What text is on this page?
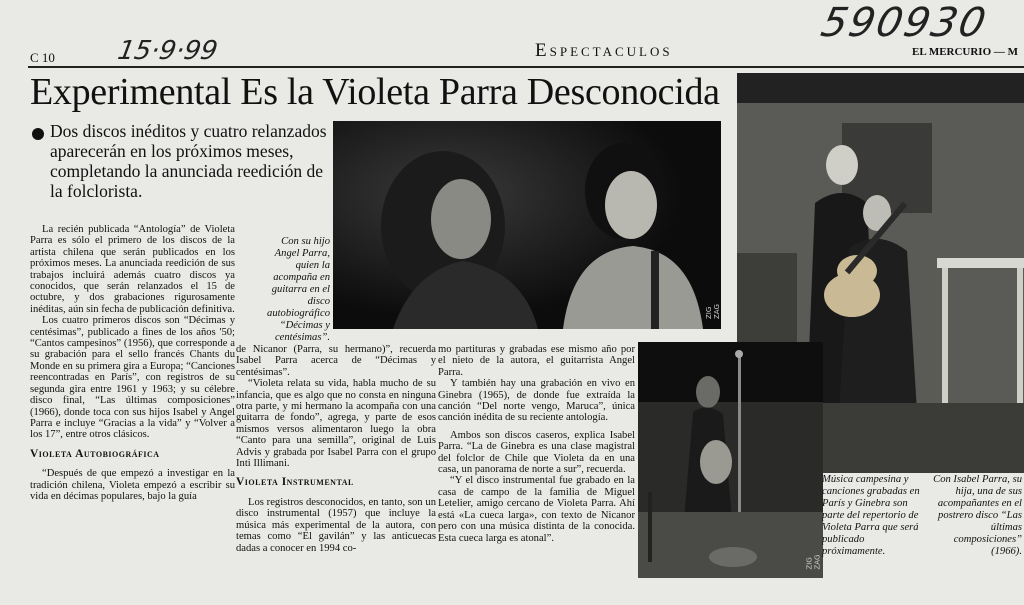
590930
15·9·99
C 10	Espectaculos	EL MERCURIO — M
Experimental Es la Violeta Parra Desconocida
Dos discos inéditos y cuatro relanzados aparecerán en los próximos meses, completando la anunciada reedición de la folclorista.
ZIG ZAG
Con su hijo Angel Parra, quien la acompaña en guitarra en el disco autobiográfico “Décimas y centésimas”.
Con Isabel Parra, su hija, una de sus acompañantes en el postrero disco “Las últimas composiciones” (1966).
ZIG ZAG
Música campesina y canciones grabadas en París y Ginebra son parte del repertorio de Violeta Parra que será publicado próximamente.

La recién publicada “Antología” de Violeta Parra es sólo el primero de los discos de la artista chilena que serán publicados en los próximos meses. La anunciada reedición de sus trabajos incluirá además cuatro discos ya conocidos, que serán relanzados el 15 de octubre, y dos grabaciones rigurosamente inéditas, aún sin fecha de publicación definitiva.

Los cuatro primeros discos son “Décimas y centésimas”, publicado a fines de los años '50; “Cantos campesinos” (1956), que corresponde a su grabación para el sello francés Chants du Monde en su primera gira a Europa; “Canciones reencontradas en París”, con registros de su segunda gira entre 1961 y 1963; y su célebre disco final, “Las últimas composiciones” (1966), donde toca con sus hijos Isabel y Angel Parra e incluye “Gracias a la vida” y “Volver a los 17”, entre otros clásicos.

Violeta Autobiográfica

“Después de que empezó a investigar en la tradición chilena, Violeta empezó a escribir su vida en décimas populares, bajo la guía

de Nicanor (Parra, su hermano)”, recuerda Isabel Parra acerca de “Décimas y centésimas”.

“Violeta relata su vida, habla mucho de su infancia, que es algo que no consta en ninguna otra parte, y mi hermano la acompaña con una guitarra de fondo”, agrega, y parte de esos mismos versos alimentaron luego la obra “Canto para una semilla”, original de Luis Advis y grabada por Isabel Parra con el grupo Inti Illimani.

Violeta Instrumental

Los registros desconocidos, en tanto, son un disco instrumental (1957) que incluye la música más experimental de la autora, con temas como “El gavilán” y las anticuecas dadas a conocer en 1994 co-

mo partituras y grabadas ese mismo año por el nieto de la autora, el guitarrista Angel Parra.

Y también hay una grabación en vivo en Ginebra (1965), de donde fue extraída la canción “Del norte vengo, Maruca”, única canción inédita de su reciente antología.

Ambos son discos caseros, explica Isabel Parra. “La de Ginebra es una clase magistral del folclor de Chile que Violeta da en una casa, un panorama de norte a sur”, recuerda.

“Y el disco instrumental fue grabado en la casa de campo de la familia de Miguel Letelier, amigo cercano de Violeta Parra. Ahí está «La cueca larga», con texto de Nicanor pero con una música distinta de la conocida. Esta cueca larga es atonal”.
